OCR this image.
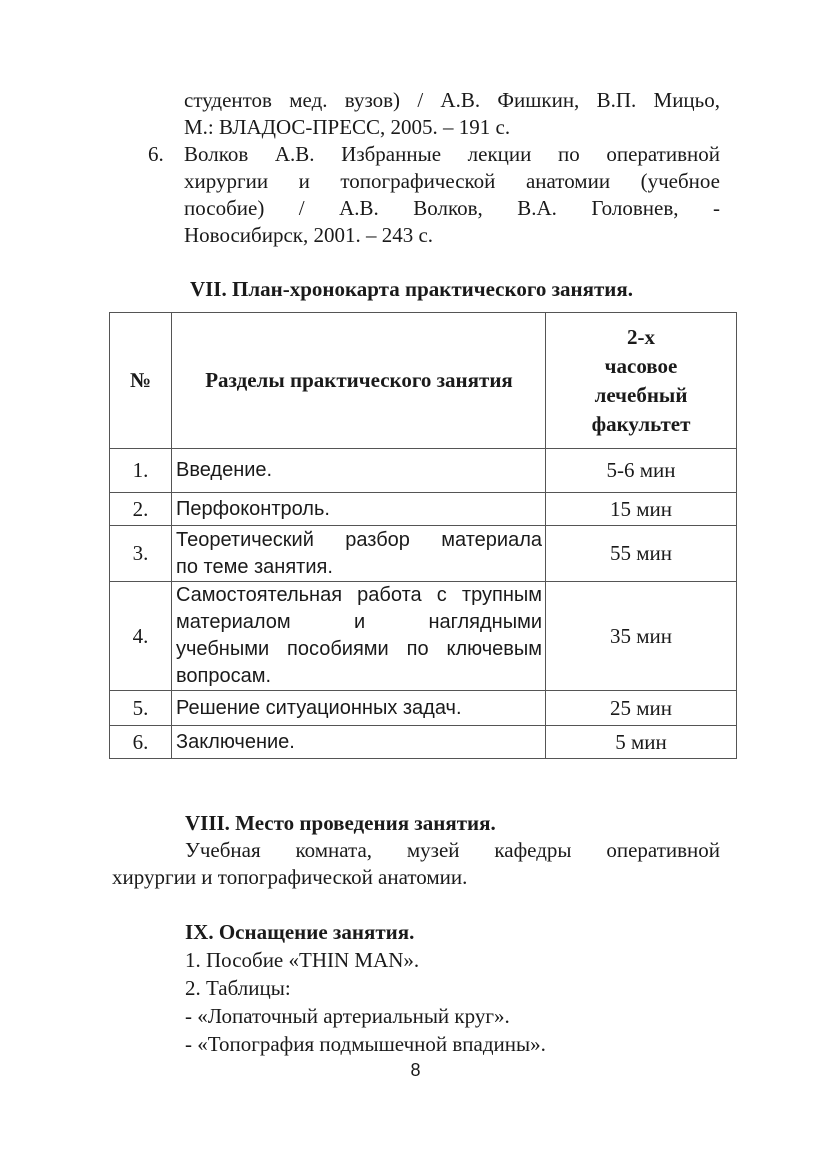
студентов мед. вузов) / А.В. Фишкин, В.П. Мицьо,
М.: ВЛАДОС-ПРЕСС, 2005. – 191 с.
6. Волков А.В. Избранные лекции по оперативной
хирургии и топографической анатомии (учебное
пособие) / А.В. Волков, В.А. Головнев, -
Новосибирск, 2001. – 243 с.
VII. План-хронокарта практического занятия.
№	Разделы практического занятия	2-х
часовое
лечебный
факультет

1.	Введение.	5-6 мин
2.	Перфоконтроль.	15 мин
3.	Теоретический разбор материала
по теме занятия.	55 мин
4.	Самостоятельная работа с трупным
материалом и наглядными
учебными пособиями по ключевым
вопросам.	35 мин
5.	Решение ситуационных задач.	25 мин
6.	Заключение.	5 мин
VIII. Место проведения занятия.
Учебная комната, музей кафедры оперативной
хирургии и топографической анатомии.
IX. Оснащение занятия.
1. Пособие «THIN MAN».
2. Таблицы:
- «Лопаточный артериальный круг».
- «Топография подмышечной впадины».
8
